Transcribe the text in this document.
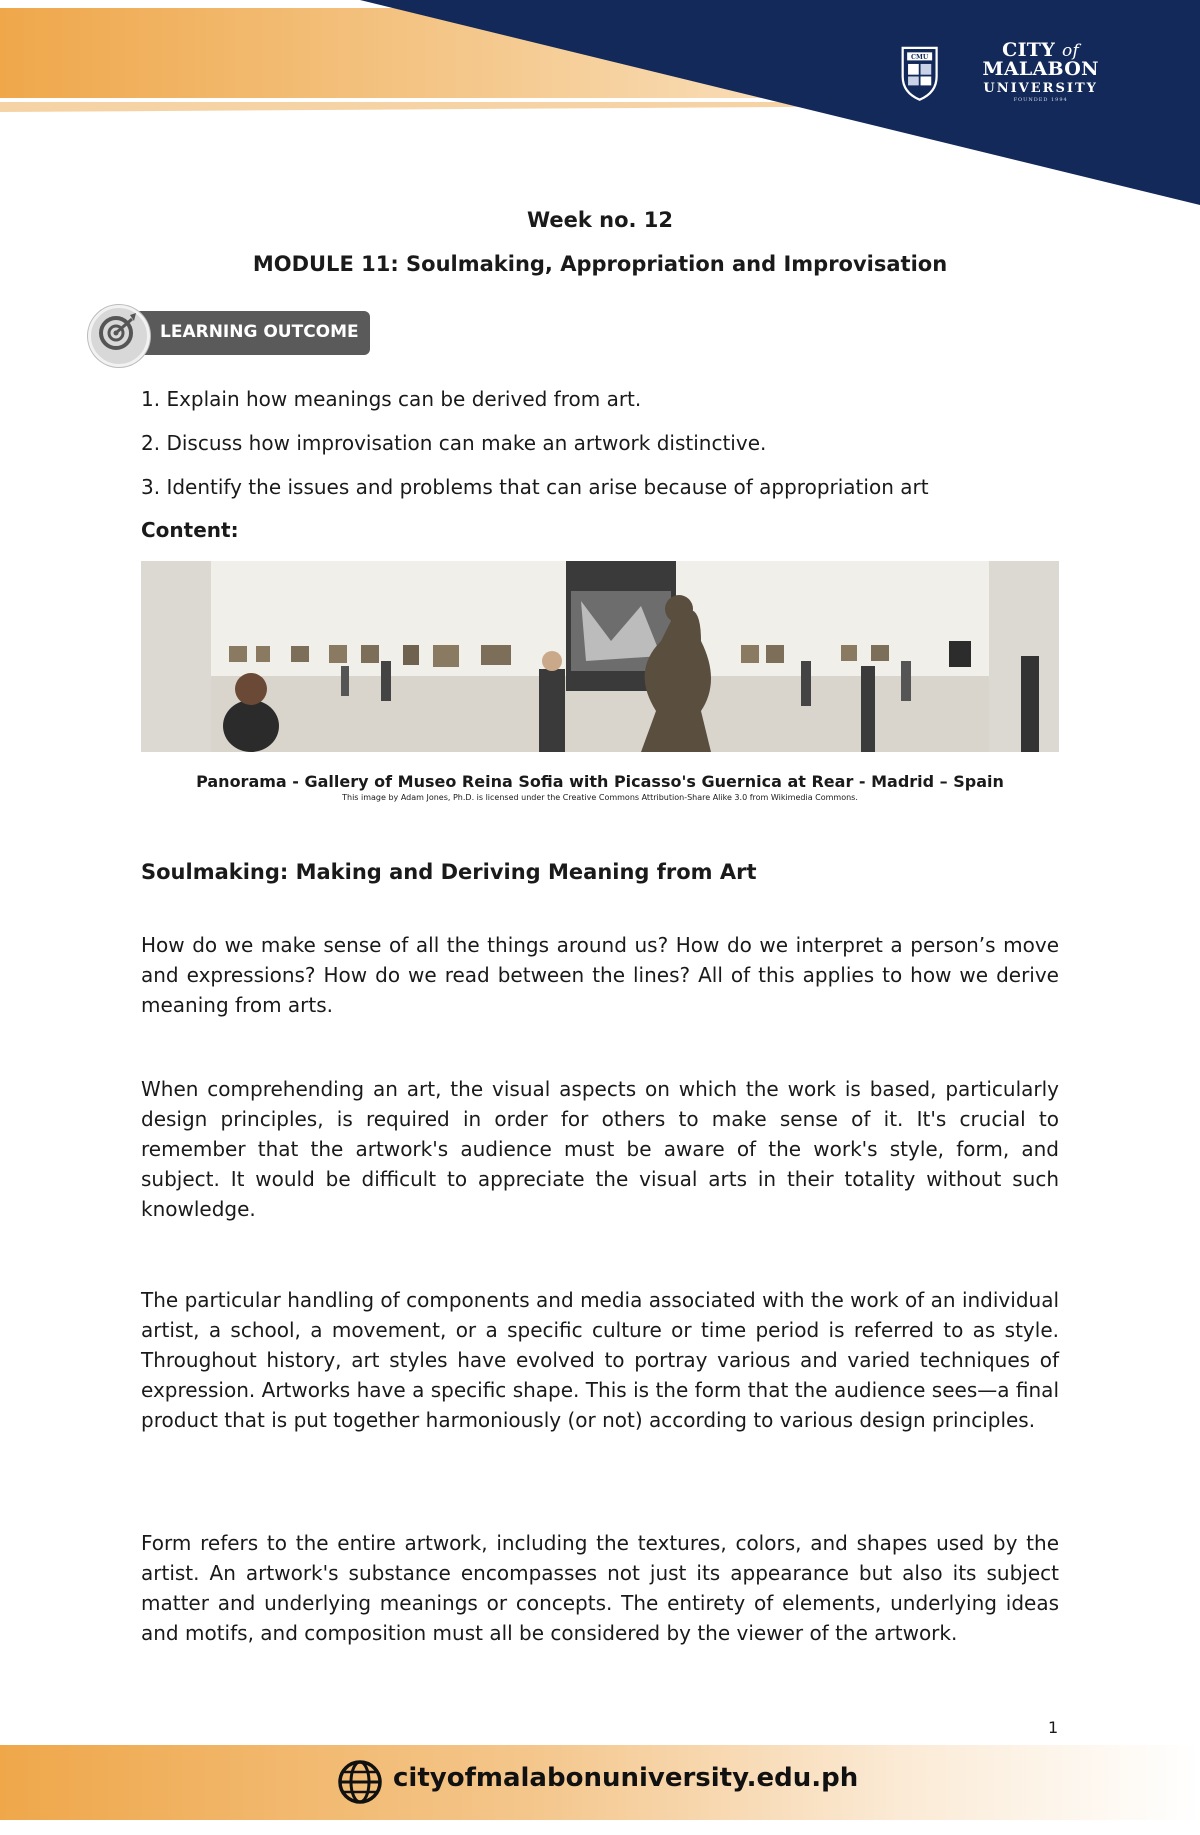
CMU	CITY of MALABON
UNIVERSITY
FOUNDED 1994
Week no. 12
MODULE 11: Soulmaking, Appropriation and Improvisation
LEARNING OUTCOME
1. Explain how meanings can be derived from art.
2. Discuss how improvisation can make an artwork distinctive.
3. Identify the issues and problems that can arise because of appropriation art
Content:
Panorama - Gallery of Museo Reina Sofia with Picasso's Guernica at Rear - Madrid – Spain
This image by Adam Jones, Ph.D. is licensed under the Creative Commons Attribution-Share Alike 3.0 from Wikimedia Commons.
Soulmaking: Making and Deriving Meaning from Art
How do we make sense of all the things around us? How do we interpret a person’s move and expressions? How do we read between the lines? All of this applies to how we derive meaning from arts.
When comprehending an art, the visual aspects on which the work is based, particularly design principles, is required in order for others to make sense of it. It's crucial to remember that the artwork's audience must be aware of the work's style, form, and subject. It would be difficult to appreciate the visual arts in their totality without such knowledge.
The particular handling of components and media associated with the work of an individual artist, a school, a movement, or a specific culture or time period is referred to as style. Throughout history, art styles have evolved to portray various and varied techniques of expression. Artworks have a specific shape. This is the form that the audience sees—a final product that is put together harmoniously (or not) according to various design principles.
Form refers to the entire artwork, including the textures, colors, and shapes used by the artist. An artwork's substance encompasses not just its appearance but also its subject matter and underlying meanings or concepts. The entirety of elements, underlying ideas and motifs, and composition must all be considered by the viewer of the artwork.
1
cityofmalabonuniversity.edu.ph
